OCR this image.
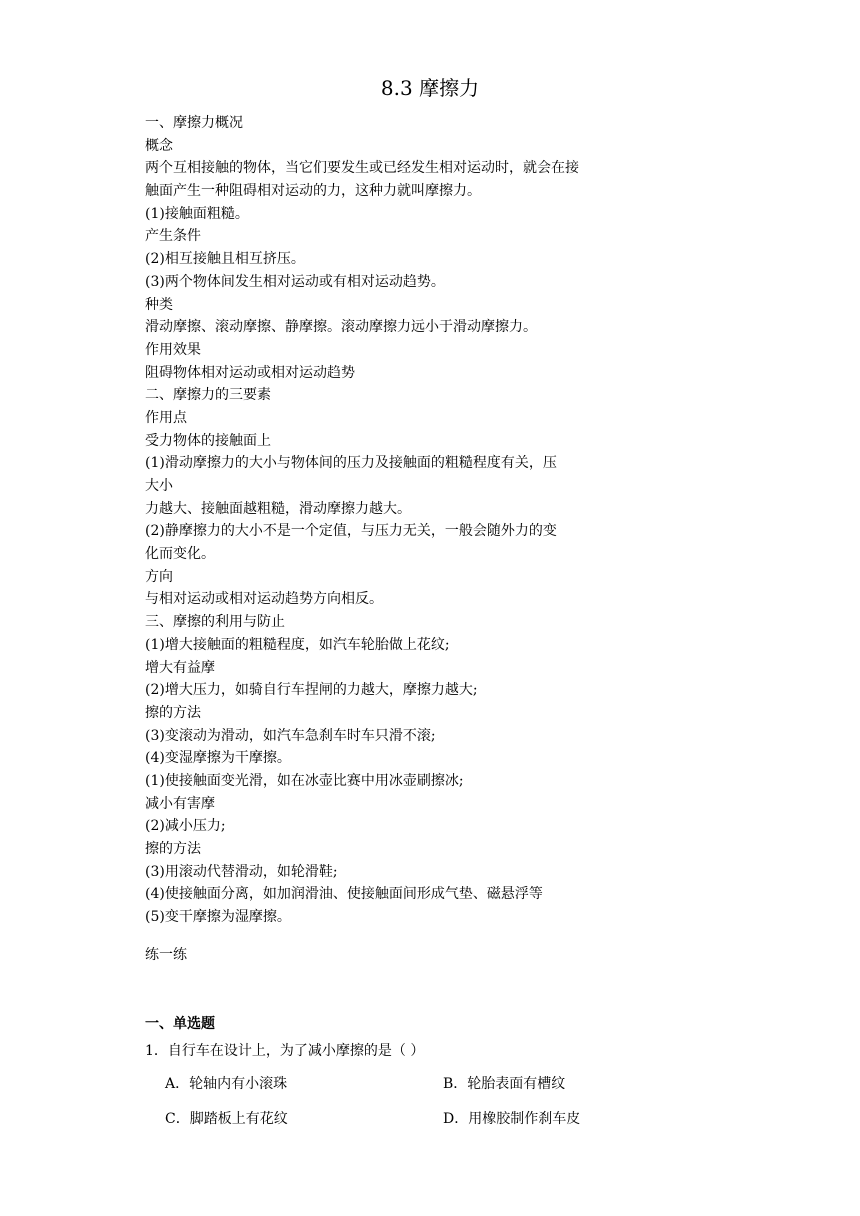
8.3 摩擦力
一、摩擦力概况
概念
两个互相接触的物体，当它们要发生或已经发生相对运动时，就会在接
触面产生一种阻碍相对运动的力，这种力就叫摩擦力。
(1)接触面粗糙。
产生条件
(2)相互接触且相互挤压。
(3)两个物体间发生相对运动或有相对运动趋势。
种类
滑动摩擦、滚动摩擦、静摩擦。滚动摩擦力远小于滑动摩擦力。
作用效果
阻碍物体相对运动或相对运动趋势
二、摩擦力的三要素
作用点
受力物体的接触面上
(1)滑动摩擦力的大小与物体间的压力及接触面的粗糙程度有关，压
大小
力越大、接触面越粗糙，滑动摩擦力越大。
(2)静摩擦力的大小不是一个定值，与压力无关，一般会随外力的变
化而变化。
方向
与相对运动或相对运动趋势方向相反。
三、摩擦的利用与防止
(1)增大接触面的粗糙程度，如汽车轮胎做上花纹;
增大有益摩
(2)增大压力，如骑自行车捏闸的力越大，摩擦力越大;
擦的方法
(3)变滚动为滑动，如汽车急刹车时车只滑不滚;
(4)变湿摩擦为干摩擦。
(1)使接触面变光滑，如在冰壶比赛中用冰壶刷擦冰;
减小有害摩
(2)减小压力;
擦的方法
(3)用滚动代替滑动，如轮滑鞋;
(4)使接触面分离，如加润滑油、使接触面间形成气垫、磁悬浮等
(5)变干摩擦为湿摩擦。
练一练
一、单选题
1．自行车在设计上，为了减小摩擦的是（ ）
A．轮轴内有小滚珠	B．轮胎表面有槽纹
C．脚踏板上有花纹	D．用橡胶制作刹车皮
